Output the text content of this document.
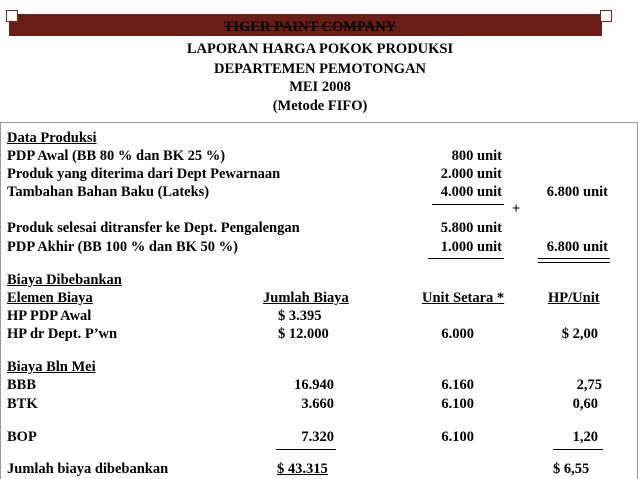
TIGER PAINT COMPANY
LAPORAN HARGA POKOK PRODUKSI
DEPARTEMEN PEMOTONGAN
MEI 2008
(Metode FIFO)
Data Produksi
PDP Awal (BB 80 % dan BK 25 %)	800 unit
Produk yang diterima dari Dept Pewarnaan	2.000 unit
Tambahan Bahan Baku (Lateks)	4.000 unit	6.800 unit
+
Produk selesai ditransfer ke Dept. Pengalengan	5.800 unit
PDP Akhir (BB 100 % dan BK 50 %)	1.000 unit	6.800 unit
Biaya Dibebankan
Elemen Biaya	Jumlah Biaya	Unit Setara *	HP/Unit
HP PDP Awal	$ 3.395
HP dr Dept. P’wn	$ 12.000	6.000	$ 2,00
Biaya Bln Mei
BBB	16.940	6.160	2,75
BTK	3.660	6.100	0,60
BOP	7.320	6.100	1,20
Jumlah biaya dibebankan	$ 43.315	$ 6,55
